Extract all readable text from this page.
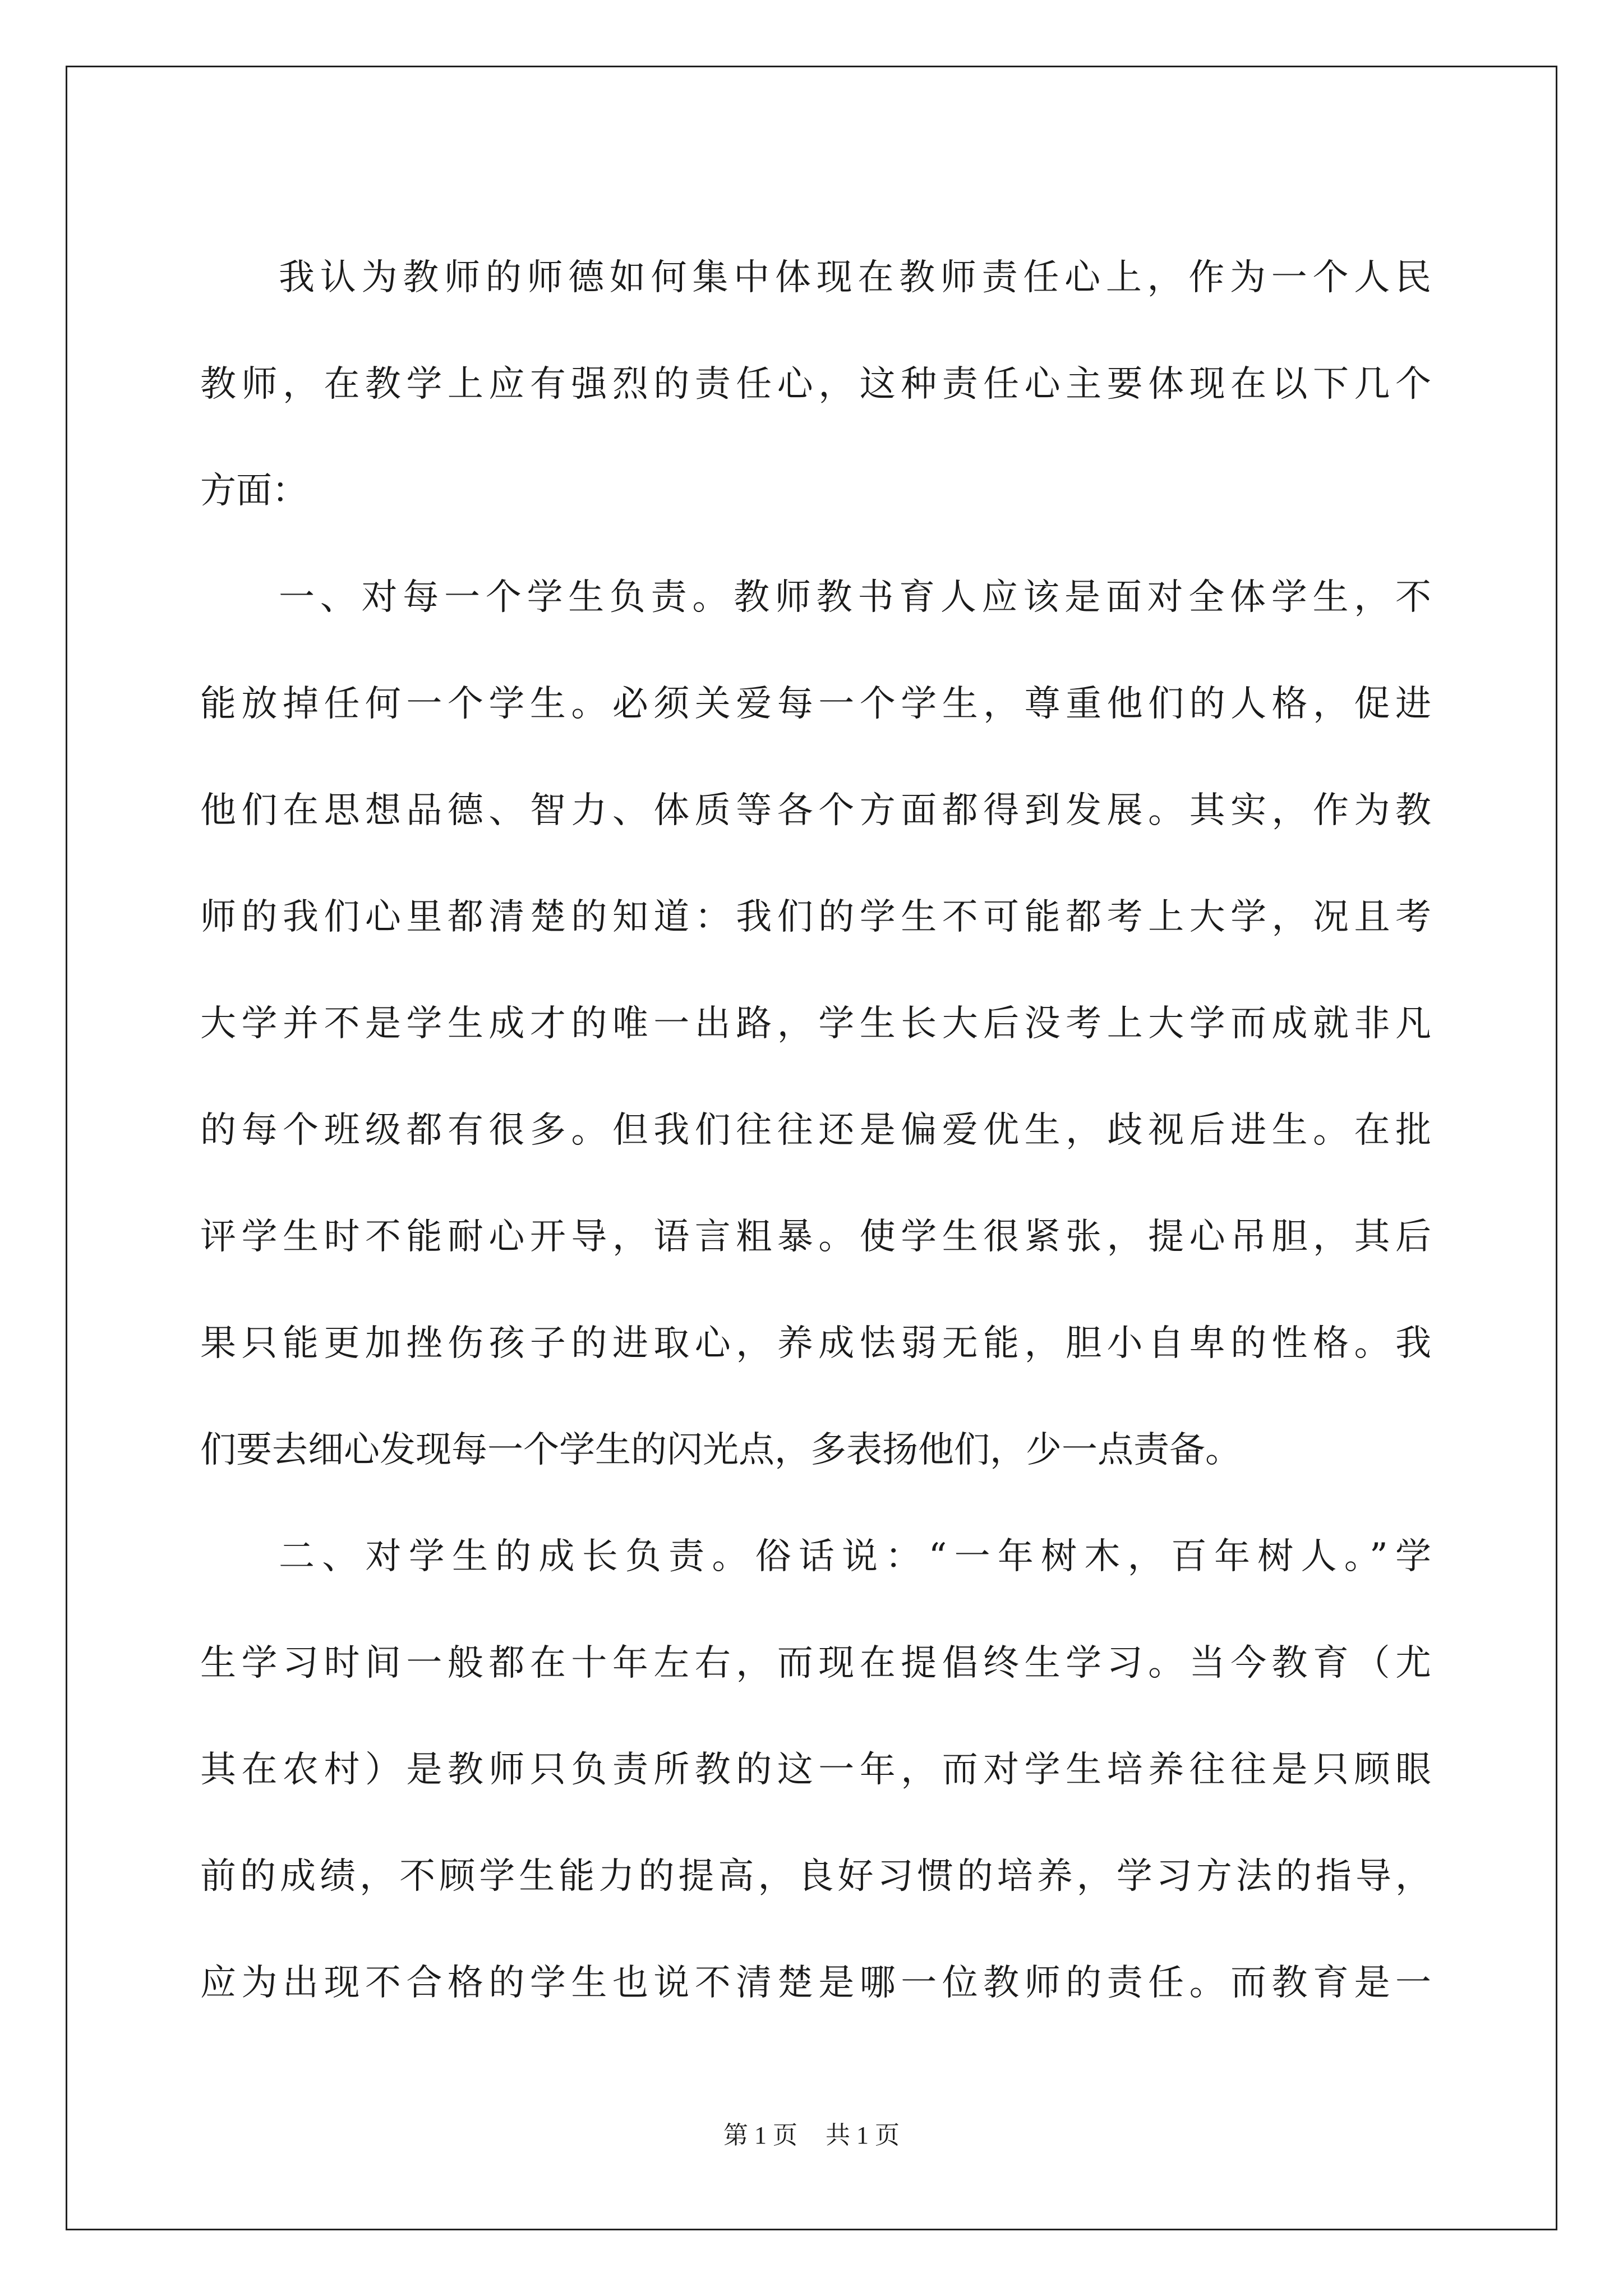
我认为教师的师德如何集中体现在教师责任心上，作为一个人民
教师，在教学上应有强烈的责任心，这种责任心主要体现在以下几个
方面：
一、对每一个学生负责。教师教书育人应该是面对全体学生，不
能放掉任何一个学生。必须关爱每一个学生，尊重他们的人格，促进
他们在思想品德、智力、体质等各个方面都得到发展。其实，作为教
师的我们心里都清楚的知道：我们的学生不可能都考上大学，况且考
大学并不是学生成才的唯一出路，学生长大后没考上大学而成就非凡
的每个班级都有很多。但我们往往还是偏爱优生，歧视后进生。在批
评学生时不能耐心开导，语言粗暴。使学生很紧张，提心吊胆，其后
果只能更加挫伤孩子的进取心，养成怯弱无能，胆小自卑的性格。我
们要去细心发现每一个学生的闪光点，多表扬他们，少一点责备。
二、对学生的成长负责。俗话说：“一年树木，百年树人。”学
生学习时间一般都在十年左右，而现在提倡终生学习。当今教育（尤
其在农村）是教师只负责所教的这一年，而对学生培养往往是只顾眼
前的成绩，不顾学生能力的提高，良好习惯的培养，学习方法的指导，
应为出现不合格的学生也说不清楚是哪一位教师的责任。而教育是一
第 1 页 共 1 页
